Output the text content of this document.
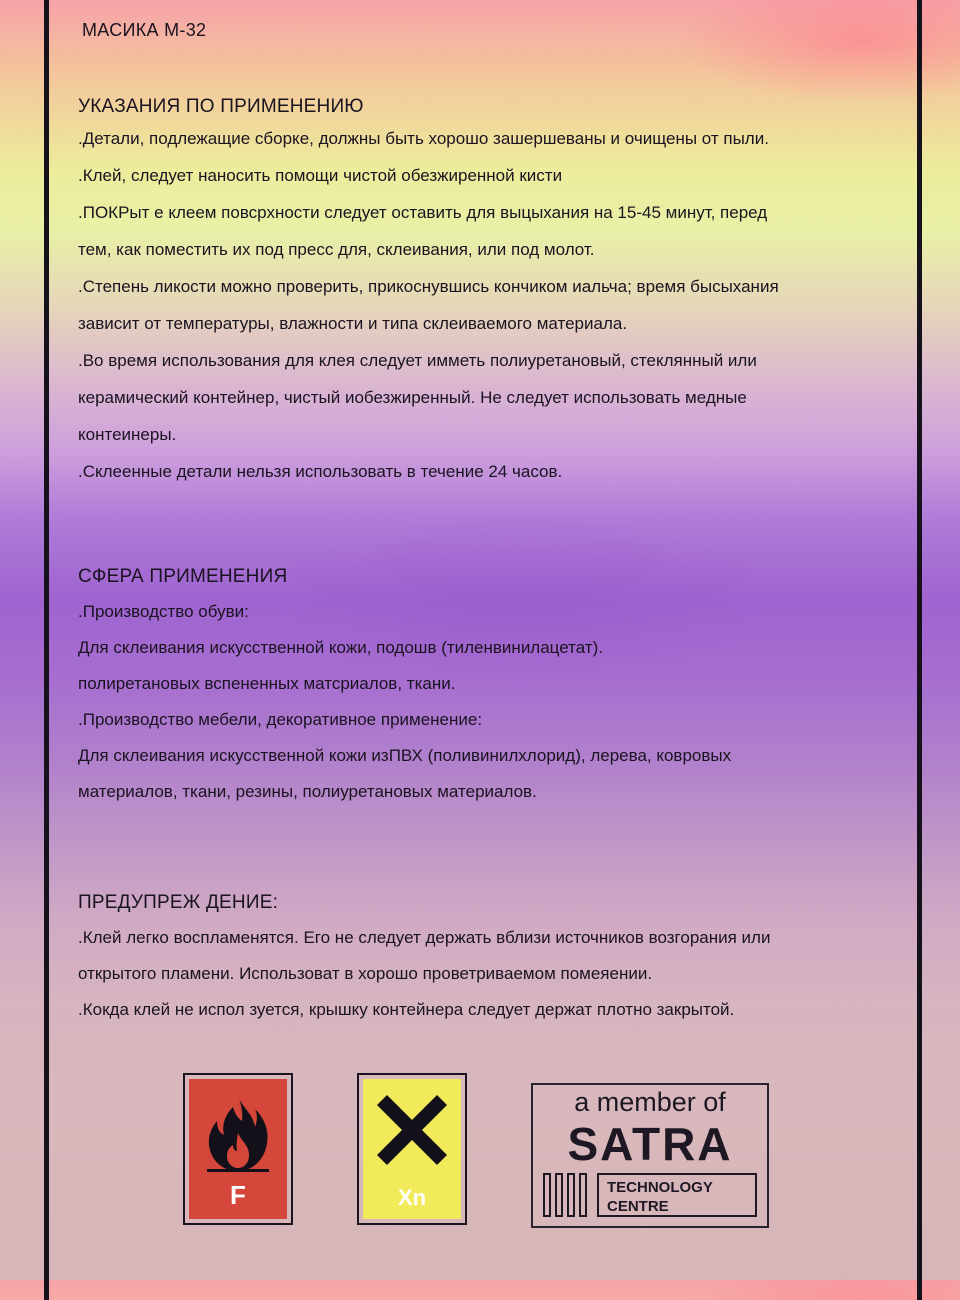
МАСИКА М-32
УКАЗАНИЯ ПО ПРИМЕНЕНИЮ

.Детали, подлежащие сборке, должны быть хорошо зашершеваны и очищены от пыли.

.Клей, следует наносить помощи чистой обезжиренной кисти

.ПОКРыт е клеем повсрхности следует оставить для выцыхания на 15-45 минут, перед

тем, как поместить их под пресс для, склеивания, или под молот.

.Степень ликости можно проверить, прикоснувшись кончиком иальча; время бысыхания

зависит от температуры, влажности и типа склеиваемого материала.

.Во время использования для клея следует имметь полиуретановый, стеклянный или

керамический контейнер, чистый иобезжиренный. Не следует использовать медные

контеинеры.

.Склеенные детали нельзя использовать в течение 24 часов.

СФЕРА ПРИМЕНЕНИЯ

.Производство обуви:

Для склеивания искусственной кожи, подошв (тиленвинилацетат).

полиретановых вспененных матсриалов, ткани.

.Производство мебели, декоративное применение:

Для склеивания искусственной кожи изПВХ (поливинилхлорид), лерева, ковровых

материалов, ткани, резины, полиуретановых материалов.

ПРЕДУПРЕЖ ДЕНИЕ:

.Клей легко воспламенятся. Его не следует держать вблизи источников возгорания или

открытого пламени. Использоват в хорошо проветриваемом помеяении.

.Кокда клей не испол зуется, крышку контейнера следует держат плотно закрытой.

F	Xn
a member of
SATRA
TECHNOLOGY
CENTRE
